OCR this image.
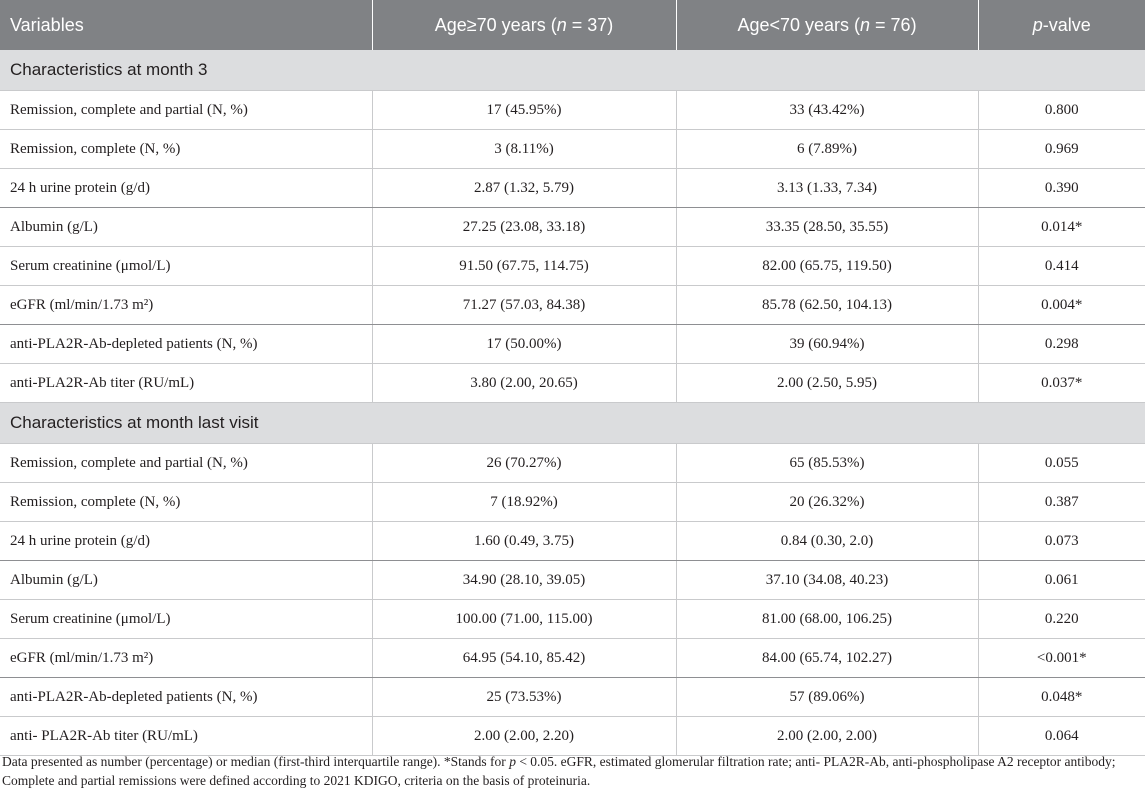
Variables	Age≥70 years (n = 37)	Age<70 years (n = 76)	p-valve
Characteristics at month 3			
Remission, complete and partial (N, %)	17 (45.95%)	33 (43.42%)	0.800
Remission, complete (N, %)	3 (8.11%)	6 (7.89%)	0.969
24 h urine protein (g/d)	2.87 (1.32, 5.79)	3.13 (1.33, 7.34)	0.390
Albumin (g/L)	27.25 (23.08, 33.18)	33.35 (28.50, 35.55)	0.014*
Serum creatinine (μmol/L)	91.50 (67.75, 114.75)	82.00 (65.75, 119.50)	0.414
eGFR (ml/min/1.73 m²)	71.27 (57.03, 84.38)	85.78 (62.50, 104.13)	0.004*
anti-PLA2R-Ab-depleted patients (N, %)	17 (50.00%)	39 (60.94%)	0.298
anti-PLA2R-Ab titer (RU/mL)	3.80 (2.00, 20.65)	2.00 (2.50, 5.95)	0.037*
Characteristics at month last visit			
Remission, complete and partial (N, %)	26 (70.27%)	65 (85.53%)	0.055
Remission, complete (N, %)	7 (18.92%)	20 (26.32%)	0.387
24 h urine protein (g/d)	1.60 (0.49, 3.75)	0.84 (0.30, 2.0)	0.073
Albumin (g/L)	34.90 (28.10, 39.05)	37.10 (34.08, 40.23)	0.061
Serum creatinine (μmol/L)	100.00 (71.00, 115.00)	81.00 (68.00, 106.25)	0.220
eGFR (ml/min/1.73 m²)	64.95 (54.10, 85.42)	84.00 (65.74, 102.27)	<0.001*
anti-PLA2R-Ab-depleted patients (N, %)	25 (73.53%)	57 (89.06%)	0.048*
anti- PLA2R-Ab titer (RU/mL)	2.00 (2.00, 2.20)	2.00 (2.00, 2.00)	0.064
Data presented as number (percentage) or median (first-third interquartile range). *Stands for p < 0.05. eGFR, estimated glomerular filtration rate; anti- PLA2R-Ab, anti-phospholipase A2 receptor antibody; Complete and partial remissions were defined according to 2021 KDIGO, criteria on the basis of proteinuria.
